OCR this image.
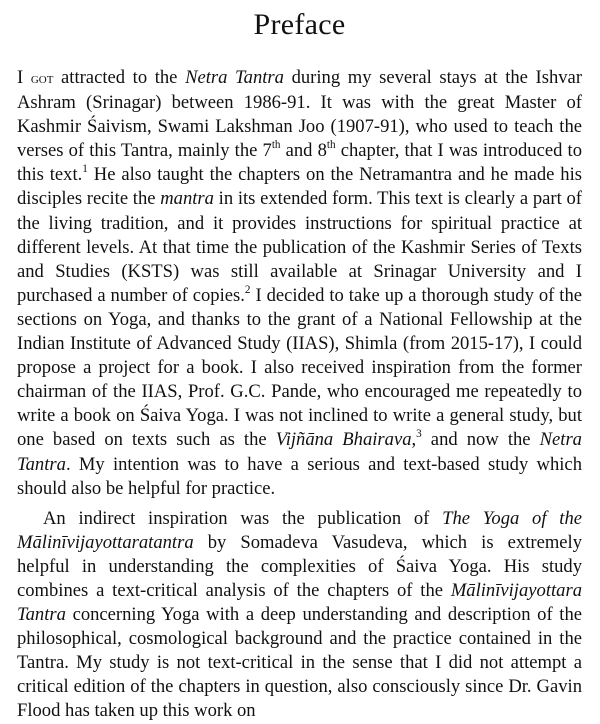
Preface

I got attracted to the Netra Tantra during my several stays at the Ishvar Ashram (Srinagar) between 1986-91. It was with the great Master of Kashmir Śaivism, Swami Lakshman Joo (1907-91), who used to teach the verses of this Tantra, mainly the 7th and 8th chapter, that I was introduced to this text.$^1$ He also taught the chapters on the Netramantra and he made his disciples recite the mantra in its extended form. This text is clearly a part of the living tradition, and it provides instructions for spiritual practice at different levels. At that time the publication of the Kashmir Series of Texts and Studies (KSTS) was still available at Srinagar University and I purchased a number of copies.$^2$ I decided to take up a thorough study of the sections on Yoga, and thanks to the grant of a National Fellowship at the Indian Institute of Advanced Study (IIAS), Shimla (from 2015-17), I could propose a project for a book. I also received inspiration from the former chairman of the IIAS, Prof. G.C. Pande, who encouraged me repeatedly to write a book on Śaiva Yoga. I was not inclined to write a general study, but one based on texts such as the Vijñāna Bhairava,$^3$ and now the Netra Tantra. My intention was to have a serious and text-based study which should also be helpful for practice.

An indirect inspiration was the publication of The Yoga of the Mālinīvijayottaratantra by Somadeva Vasudeva, which is extremely helpful in understanding the complexities of Śaiva Yoga. His study combines a text-critical analysis of the chapters of the Mālinīvijayottara Tantra concerning Yoga with a deep understanding and description of the philosophical, cosmological background and the practice contained in the Tantra. My study is not text-critical in the sense that I did not attempt a critical edition of the chapters in question, also consciously since Dr. Gavin Flood has taken up this work on
